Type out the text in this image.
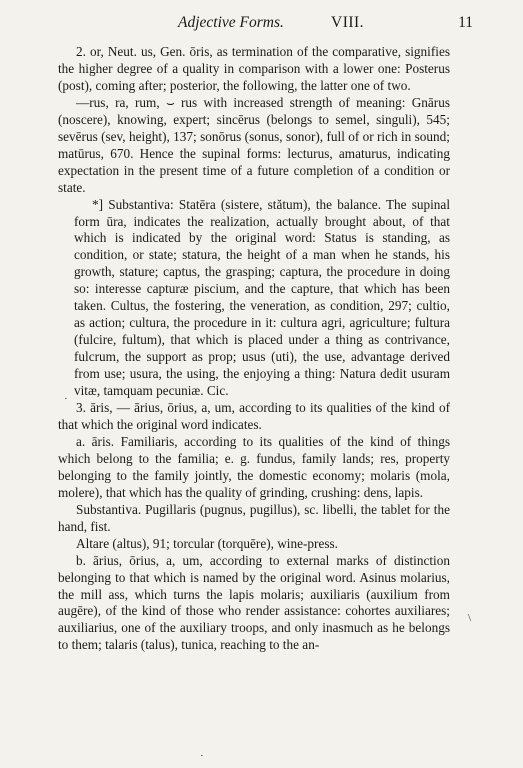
Adjective Forms.	VIII.	11

2. or, Neut. us, Gen. ōris, as termination of the comparative, signifies the higher degree of a quality in comparison with a lower one: Posterus (post), coming after; posterior, the following, the latter one of two.

—rus, ra, rum, ⌣ rus with increased strength of meaning: Gnārus (noscere), knowing, expert; sincērus (belongs to semel, singuli), 545; sevērus (sev, height), 137; sonōrus (sonus, sonor), full of or rich in sound; matūrus, 670. Hence the supinal forms: lecturus, amaturus, indicating expectation in the present time of a future completion of a condition or state.

*] Substantiva: Statēra (sistere, stătum), the balance. The supinal form ūra, indicates the realization, actually brought about, of that which is indicated by the original word: Status is standing, as condition, or state; statura, the height of a man when he stands, his growth, stature; captus, the grasping; captura, the procedure in doing so: interesse capturæ piscium, and the capture, that which has been taken. Cultus, the fostering, the veneration, as condition, 297; cultio, as action; cultura, the procedure in it: cultura agri, agriculture; fultura (fulcire, fultum), that which is placed under a thing as contrivance, fulcrum, the support as prop; usus (uti), the use, advantage derived from use; usura, the using, the enjoying a thing: Natura dedit usuram vitæ, tamquam pecuniæ. Cic.

3. āris, — ārius, ōrius, a, um, according to its qualities of the kind of that which the original word indicates.

a. āris. Familiaris, according to its qualities of the kind of things which belong to the familia; e. g. fundus, family lands; res, property belonging to the family jointly, the domestic economy; molaris (mola, molere), that which has the quality of grinding, crushing: dens, lapis.

Substantiva. Pugillaris (pugnus, pugillus), sc. libelli, the tablet for the hand, fist.

Altare (altus), 91; torcular (torquēre), wine-press.

b. ārius, ōrius, a, um, according to external marks of distinction belonging to that which is named by the original word. Asinus molarius, the mill ass, which turns the lapis molaris; auxiliaris (auxilium from augēre), of the kind of those who render assistance: cohortes auxiliares; auxiliarius, one of the auxiliary troops, and only inasmuch as he belongs to them; talaris (talus), tunica, reaching to the an-

·
\
·
